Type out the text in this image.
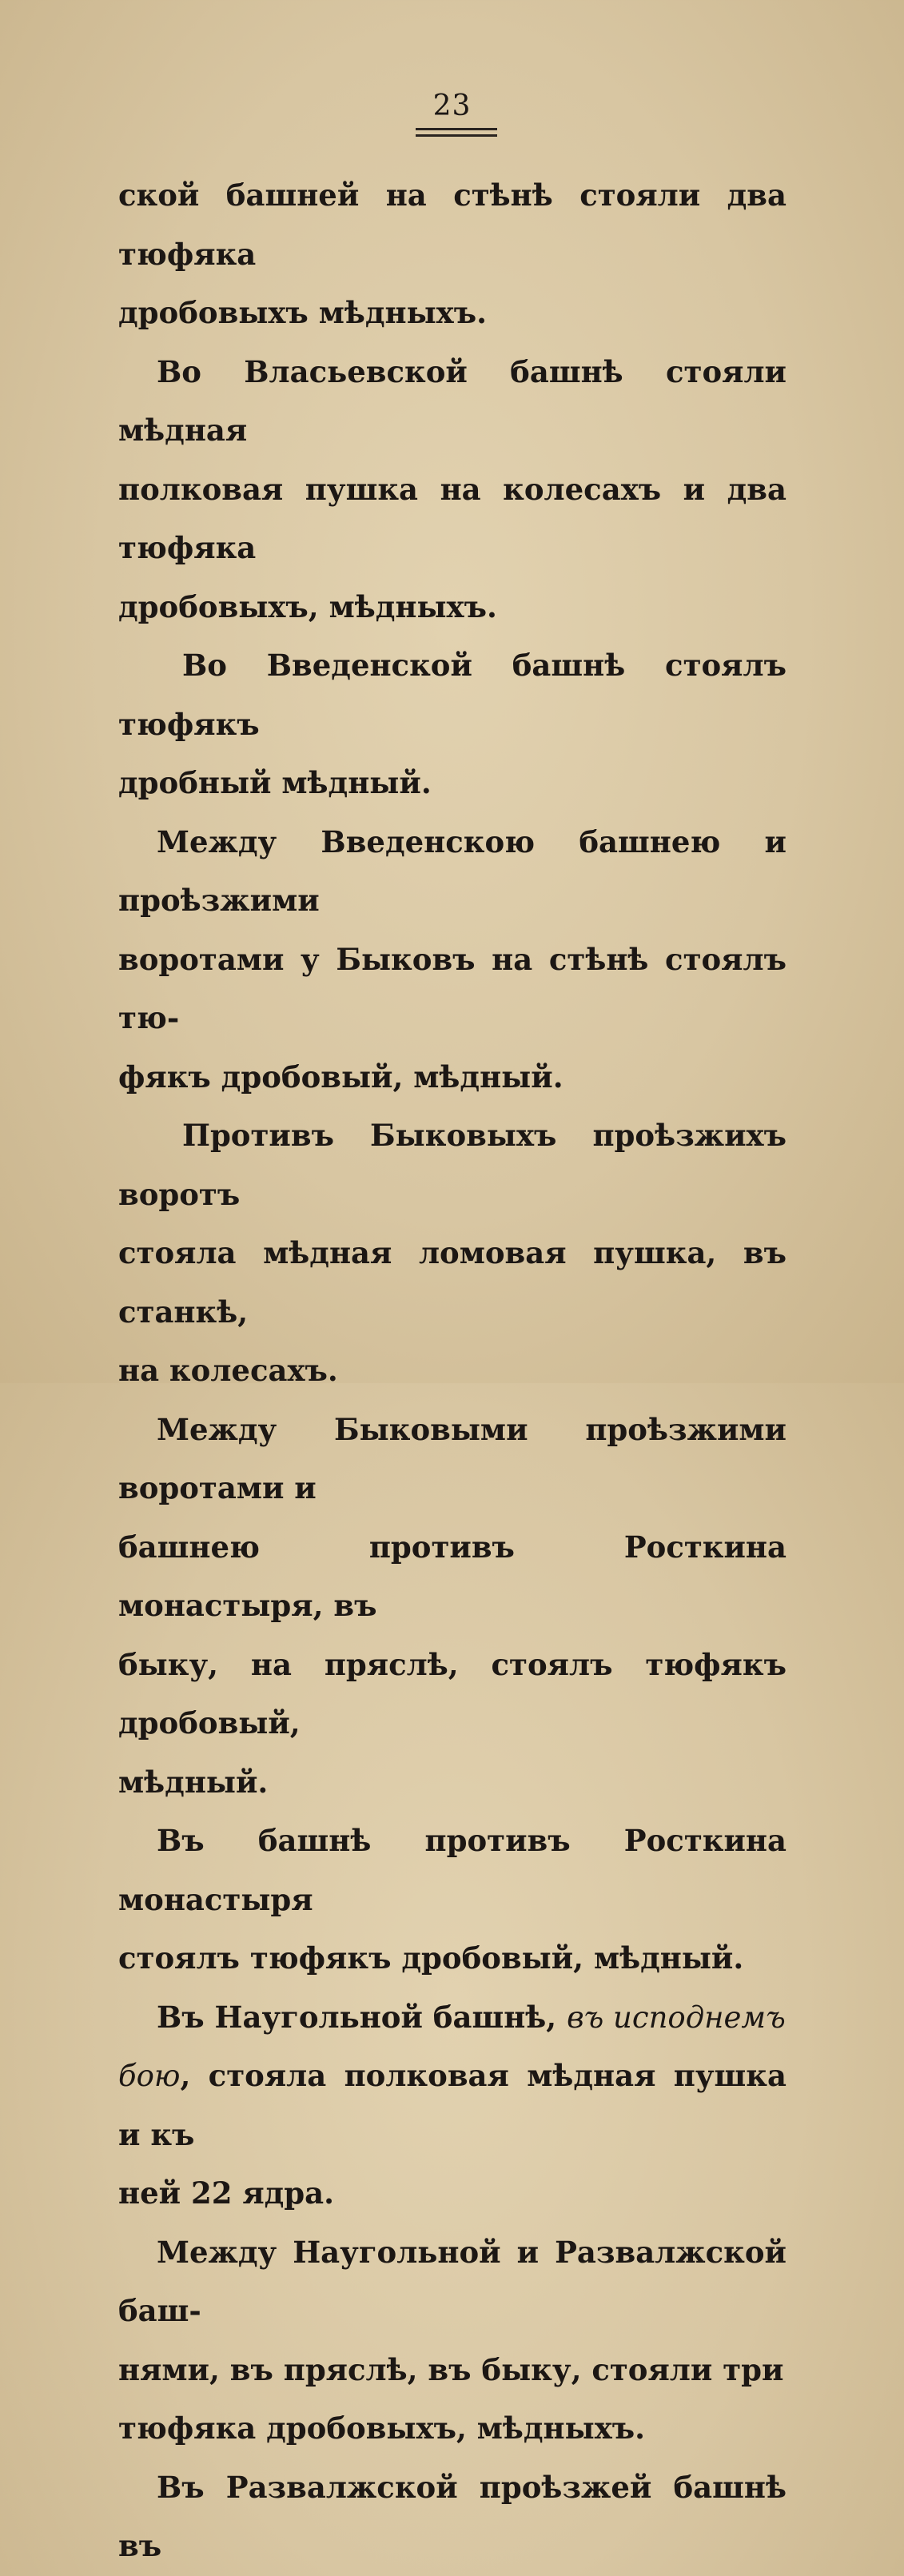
23

ской башней на стѣнѣ стояли два тюфяка
дробовыхъ мѣдныхъ.

Во Власьевской башнѣ стояли мѣдная
полковая пушка на колесахъ и два тюфяка
дробовыхъ, мѣдныхъ.

Во Введенской башнѣ стоялъ тюфякъ
дробный мѣдный.

Между Введенскою башнею и проѣзжими
воротами у Быковъ на стѣнѣ стоялъ тю-
фякъ дробовый, мѣдный.

Противъ Быковыхъ проѣзжихъ воротъ
стояла мѣдная ломовая пушка, въ станкѣ,
на колесахъ.

Между Быковыми проѣзжими воротами и
башнею противъ Росткина монастыря, въ
быку, на пряслѣ, стоялъ тюфякъ дробовый,
мѣдный.

Въ башнѣ противъ Росткина монастыря
стоялъ тюфякъ дробовый, мѣдный.

Въ Наугольной башнѣ, въ исподнемъ
бою, стояла полковая мѣдная пушка и къ
ней 22 ядра.

Между Наугольной и Развалжской баш-
нями, въ пряслѣ, въ быку, стояли три
тюфяка дробовыхъ, мѣдныхъ.

Въ Развалжской проѣзжей башнѣ въ
